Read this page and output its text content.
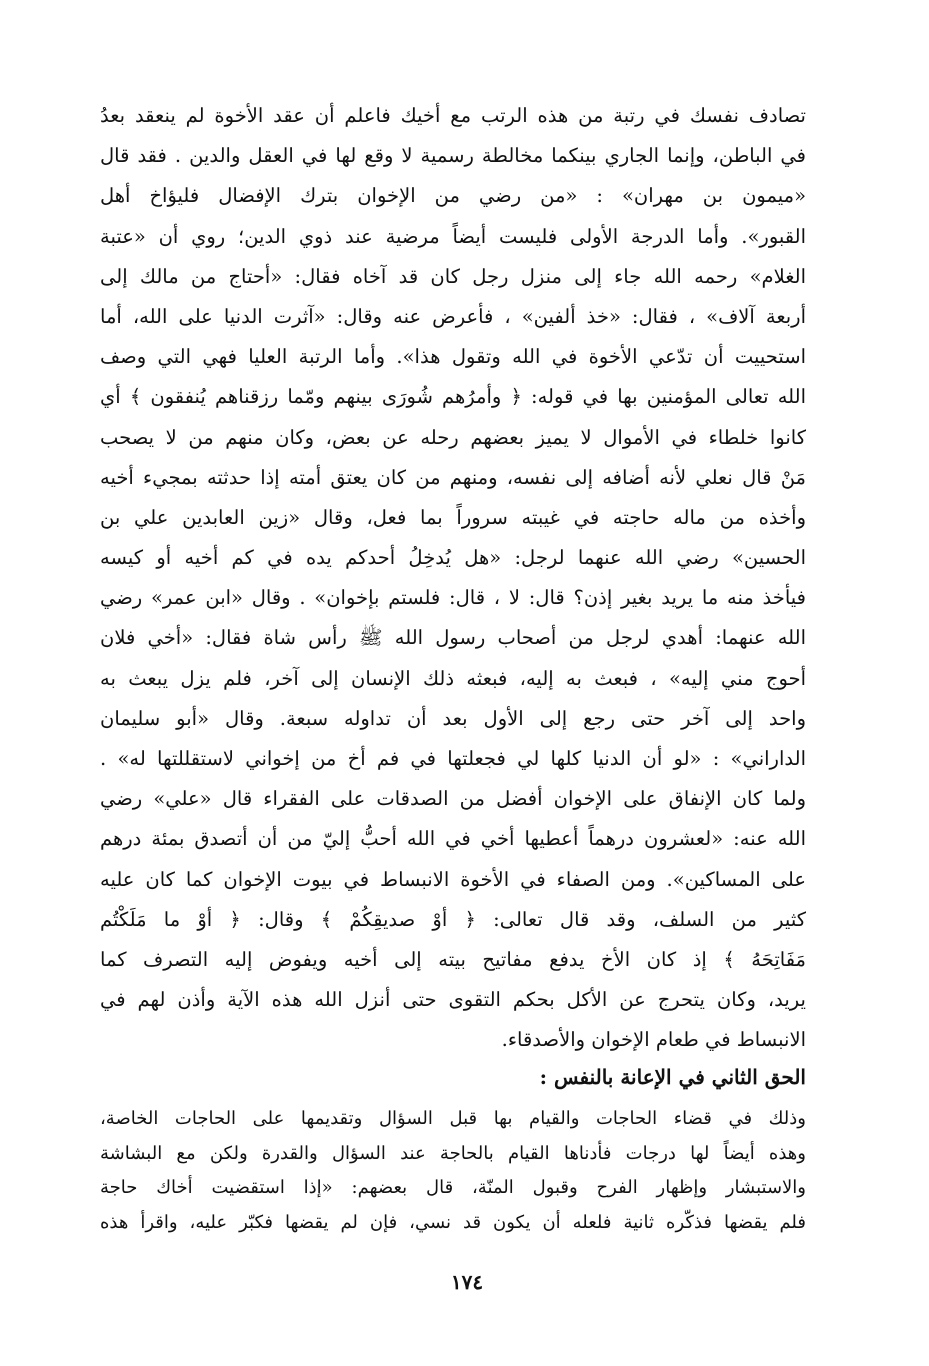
تصادف نفسك في رتبة من هذه الرتب مع أخيك فاعلم أن عقد الأخوة لم ينعقد بعدُ
في الباطن، وإنما الجاري بينكما مخالطة رسمية لا وقع لها في العقل والدين . فقد قال
«ميمون بن مهران» : «من رضي من الإخوان بترك الإفضال فليؤاخ أهل
القبور». وأما الدرجة الأولى فليست أيضاً مرضية عند ذوي الدين؛ روي أن «عتبة
الغلام» رحمه الله جاء إلى منزل رجل كان قد آخاه فقال: «أحتاج من مالك إلى
أربعة آلاف» ، فقال: «خذ ألفين» ، فأعرض عنه وقال: «آثرت الدنيا على الله، أما
استحييت أن تدّعي الأخوة في الله وتقول هذا». وأما الرتبة العليا فهي التي وصف
الله تعالى المؤمنين بها في قوله: ﴿ وأمرُهم شُورَى بينهم ومّما رزقناهم يُنفقون ﴾ أي
كانوا خلطاء في الأموال لا يميز بعضهم رحله عن بعض، وكان منهم من لا يصحب
مَنْ قال نعلي لأنه أضافه إلى نفسه، ومنهم من كان يعتق أمته إذا حدثته بمجيء أخيه
وأخذه من ماله حاجته في غيبته سروراً بما فعل، وقال «زين العابدين علي بن
الحسين» رضي الله عنهما لرجل: «هل يُدخِلُ أحدكم يده في كم أخيه أو كيسه
فيأخذ منه ما يريد بغير إذن؟ قال: لا ، قال: فلستم بإخوان» . وقال «ابن عمر» رضي
الله عنهما: أهدي لرجل من أصحاب رسول الله ﷺ رأس شاة فقال: «أخي فلان
أحوج مني إليه» ، فبعث به إليه، فبعثه ذلك الإنسان إلى آخر، فلم يزل يبعث به
واحد إلى آخر حتى رجع إلى الأول بعد أن تداوله سبعة. وقال «أبو سليمان
الداراني» : «لو أن الدنيا كلها لي فجعلتها في فم أخ من إخواني لاستقللتها له» .
ولما كان الإنفاق على الإخوان أفضل من الصدقات على الفقراء قال «علي» رضي
الله عنه: «لعشرون درهماً أعطيها أخي في الله أحبُّ إليّ من أن أتصدق بمئة درهم
على المساكين». ومن الصفاء في الأخوة الانبساط في بيوت الإخوان كما كان عليه
كثير من السلف، وقد قال تعالى: ﴿ أوْ صديقِكُمْ ﴾ وقال: ﴿ أوْ ما مَلَكْتُم
مَفَاتِحَهُ ﴾ إذ كان الأخ يدفع مفاتيح بيته إلى أخيه ويفوض إليه التصرف كما
يريد، وكان يتحرج عن الأكل بحكم التقوى حتى أنزل الله هذه الآية وأذن لهم في
الانبساط في طعام الإخوان والأصدقاء.
الحق الثاني في الإعانة بالنفس :
وذلك في قضاء الحاجات والقيام بها قبل السؤال وتقديمها على الحاجات الخاصة،
وهذه أيضاً لها درجات فأدناها القيام بالحاجة عند السؤال والقدرة ولكن مع البشاشة
والاستبشار وإظهار الفرح وقبول المنّة، قال بعضهم: «إذا استقضيت أخاك حاجة
فلم يقضها فذكّره ثانية فلعله أن يكون قد نسي، فإن لم يقضها فكبّر عليه، واقرأ هذه
١٧٤
